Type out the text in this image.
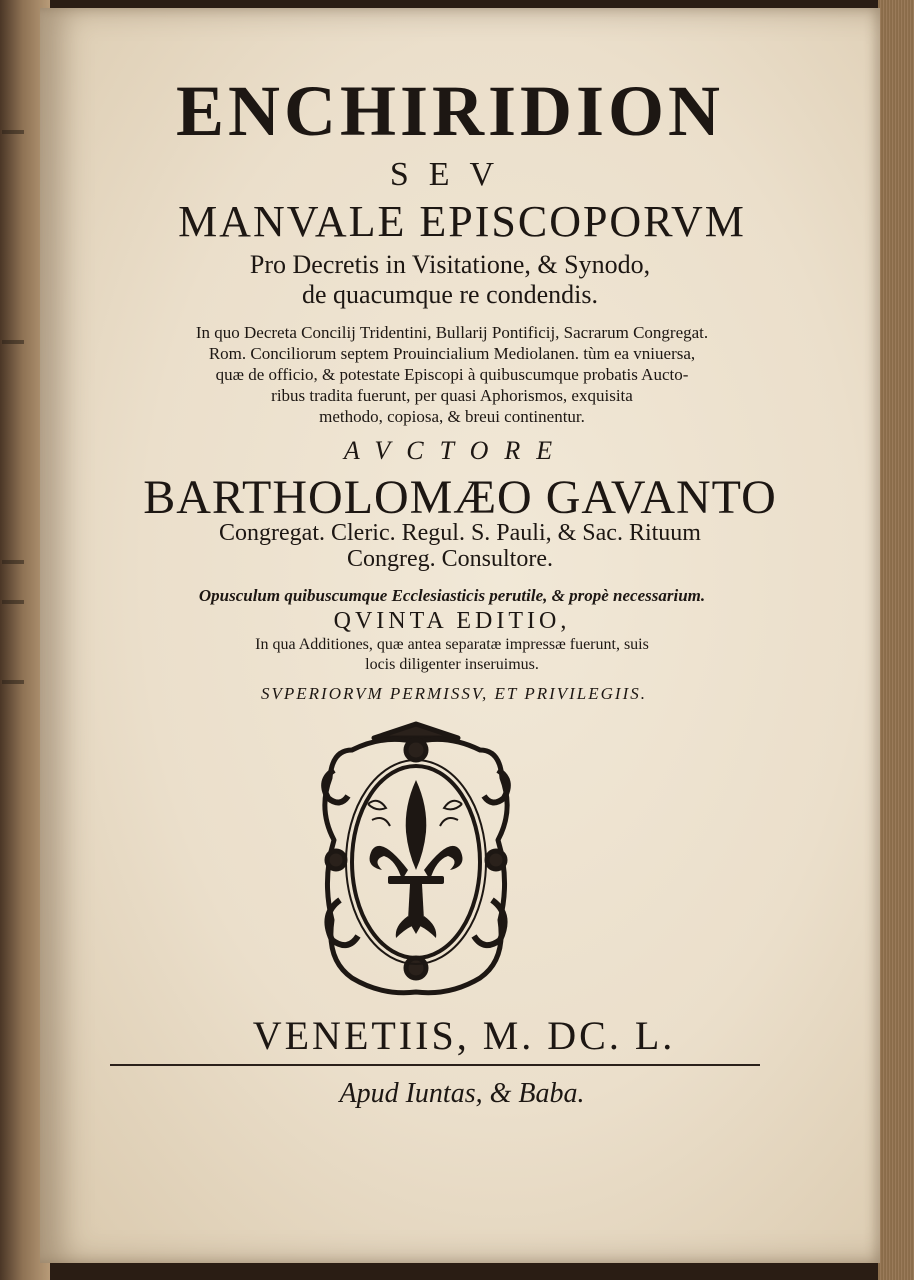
ENCHIRIDION
SEV
MANVALE EPISCOPORVM
Pro Decretis in Visitatione, & Synodo,
de quacumque re condendis.
In quo Decreta Concilij Tridentini, Bullarij Pontificij, Sacrarum Congregat.
Rom. Conciliorum septem Prouincialium Mediolanen. tùm ea vniuersa,
quæ de officio, & potestate Episcopi à quibuscumque probatis Aucto-
ribus tradita fuerunt, per quasi Aphorismos, exquisita
methodo, copiosa, & breui continentur.
AVCTORE
BARTHOLOMÆO GAVANTO
Congregat. Cleric. Regul. S. Pauli, & Sac. Rituum
Congreg. Consultore.
Opusculum quibuscumque Ecclesiasticis perutile, & propè necessarium.
QVINTA EDITIO,
In qua Additiones, quæ antea separatæ impressæ fuerunt, suis
locis diligenter inseruimus.
SVPERIORVM PERMISSV, ET PRIVILEGIIS.
VENETIIS, M. DC. L.
Apud Iuntas, & Baba.
